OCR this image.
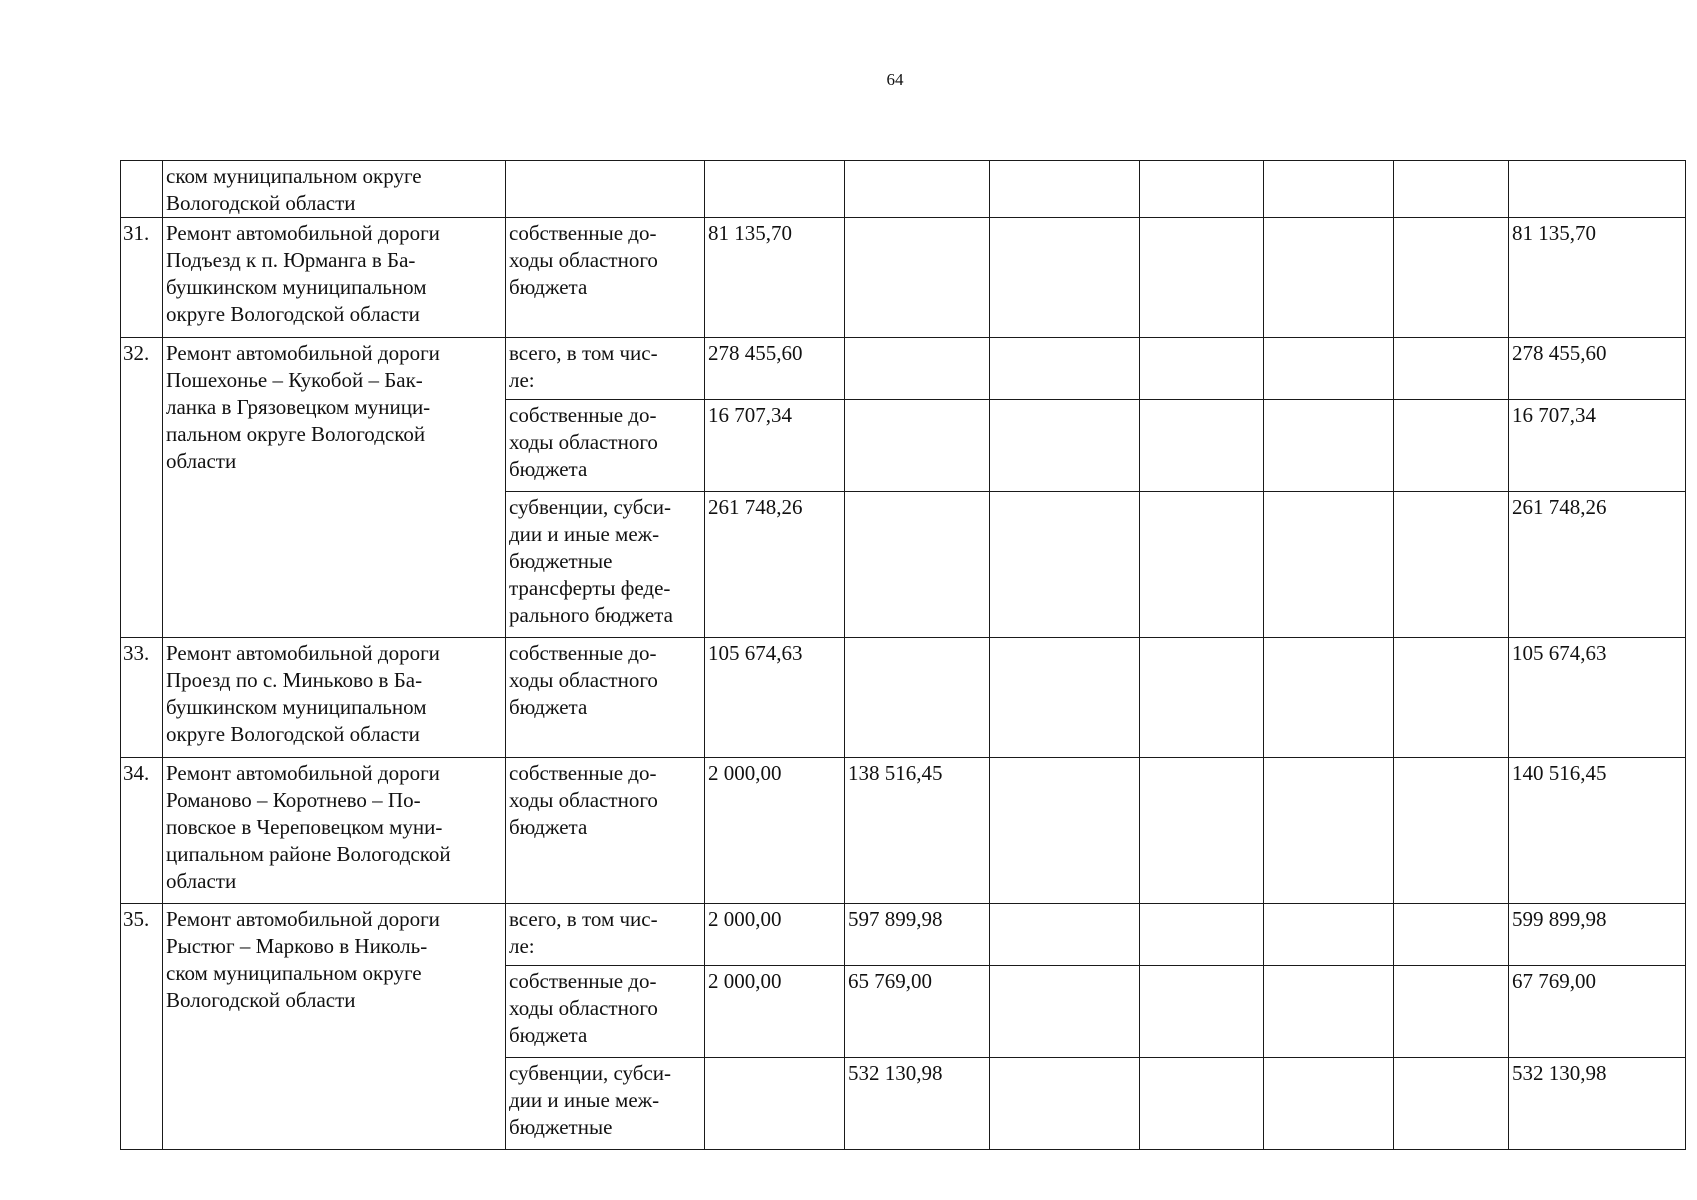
64
	ском муниципальном округе
Вологодской области								
31.	Ремонт автомобильной дороги
Подъезд к п. Юрманга в Ба-
бушкинском муниципальном
округе Вологодской области	собственные до-
ходы областного
бюджета	81 135,70						81 135,70
32.	Ремонт автомобильной дороги
Пошехонье – Кукобой – Бак-
ланка в Грязовецком муници-
пальном округе Вологодской
области	всего, в том чис-
ле:	278 455,60						278 455,60
		собственные до-
ходы областного
бюджета	16 707,34						16 707,34
		субвенции, субси-
дии и иные меж-
бюджетные
трансферты феде-
рального бюджета	261 748,26						261 748,26
33.	Ремонт автомобильной дороги
Проезд по с. Миньково в Ба-
бушкинском муниципальном
округе Вологодской области	собственные до-
ходы областного
бюджета	105 674,63						105 674,63
34.	Ремонт автомобильной дороги
Романово – Коротнево – По-
повское в Череповецком муни-
ципальном районе Вологодской
области	собственные до-
ходы областного
бюджета	2 000,00	138 516,45					140 516,45
35.	Ремонт автомобильной дороги
Рыстюг – Марково в Николь-
ском муниципальном округе
Вологодской области	всего, в том чис-
ле:	2 000,00	597 899,98					599 899,98
		собственные до-
ходы областного
бюджета	2 000,00	65 769,00					67 769,00
		субвенции, субси-
дии и иные меж-
бюджетные		532 130,98					532 130,98
